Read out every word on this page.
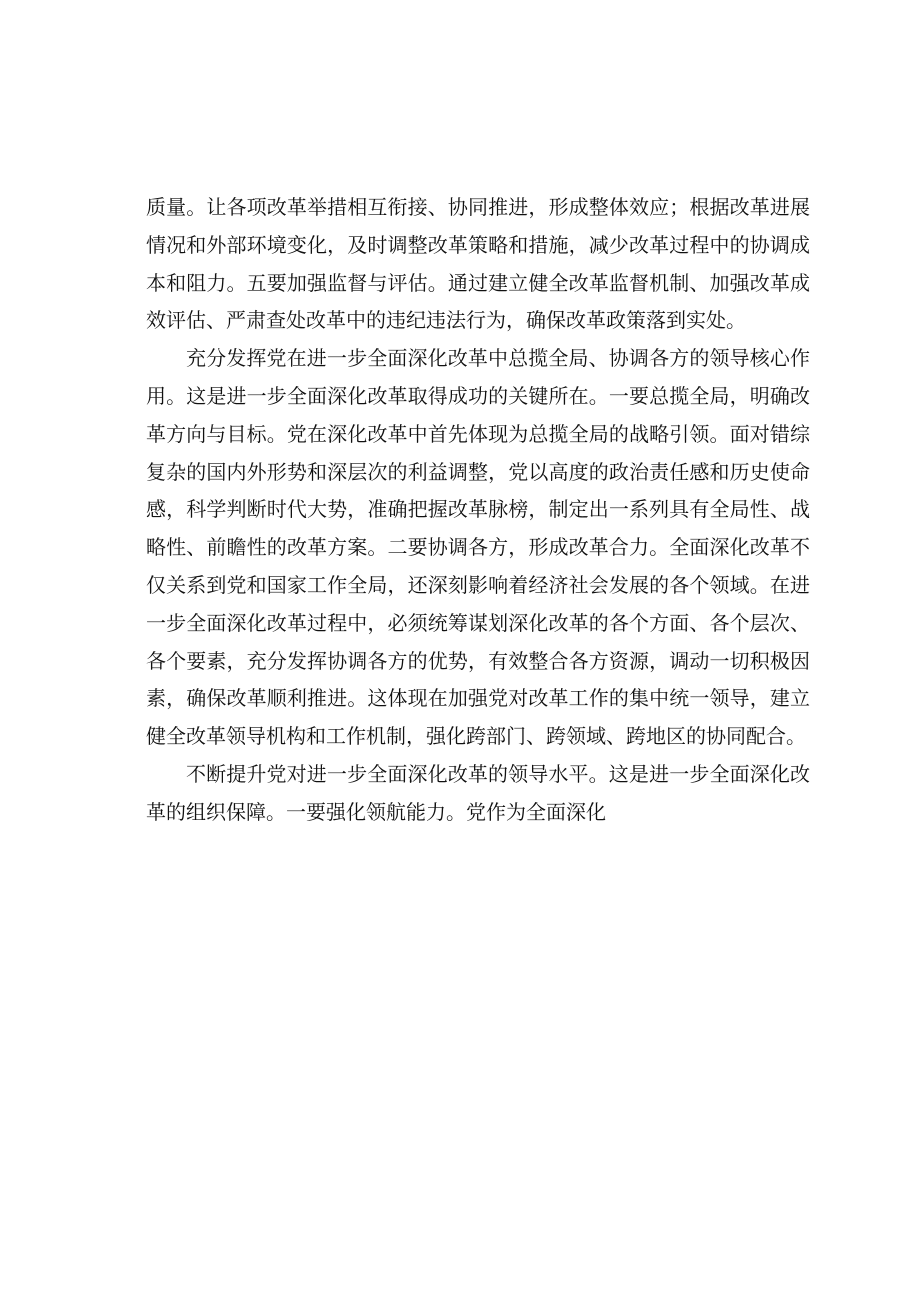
质量。让各项改革举措相互衔接、协同推进，形成整体效应；根据改革进展情况和外部环境变化，及时调整改革策略和措施，减少改革过程中的协调成本和阻力。五要加强监督与评估。通过建立健全改革监督机制、加强改革成效评估、严肃查处改革中的违纪违法行为，确保改革政策落到实处。

充分发挥党在进一步全面深化改革中总揽全局、协调各方的领导核心作用。这是进一步全面深化改革取得成功的关键所在。一要总揽全局，明确改革方向与目标。党在深化改革中首先体现为总揽全局的战略引领。面对错综复杂的国内外形势和深层次的利益调整，党以高度的政治责任感和历史使命感，科学判断时代大势，准确把握改革脉榜，制定出一系列具有全局性、战略性、前瞻性的改革方案。二要协调各方，形成改革合力。全面深化改革不仅关系到党和国家工作全局，还深刻影响着经济社会发展的各个领域。在进一步全面深化改革过程中，必须统筹谋划深化改革的各个方面、各个层次、各个要素，充分发挥协调各方的优势，有效整合各方资源，调动一切积极因素，确保改革顺利推进。这体现在加强党对改革工作的集中统一领导，建立健全改革领导机构和工作机制，强化跨部门、跨领域、跨地区的协同配合。

不断提升党对进一步全面深化改革的领导水平。这是进一步全面深化改革的组织保障。一要强化领航能力。党作为全面深化
